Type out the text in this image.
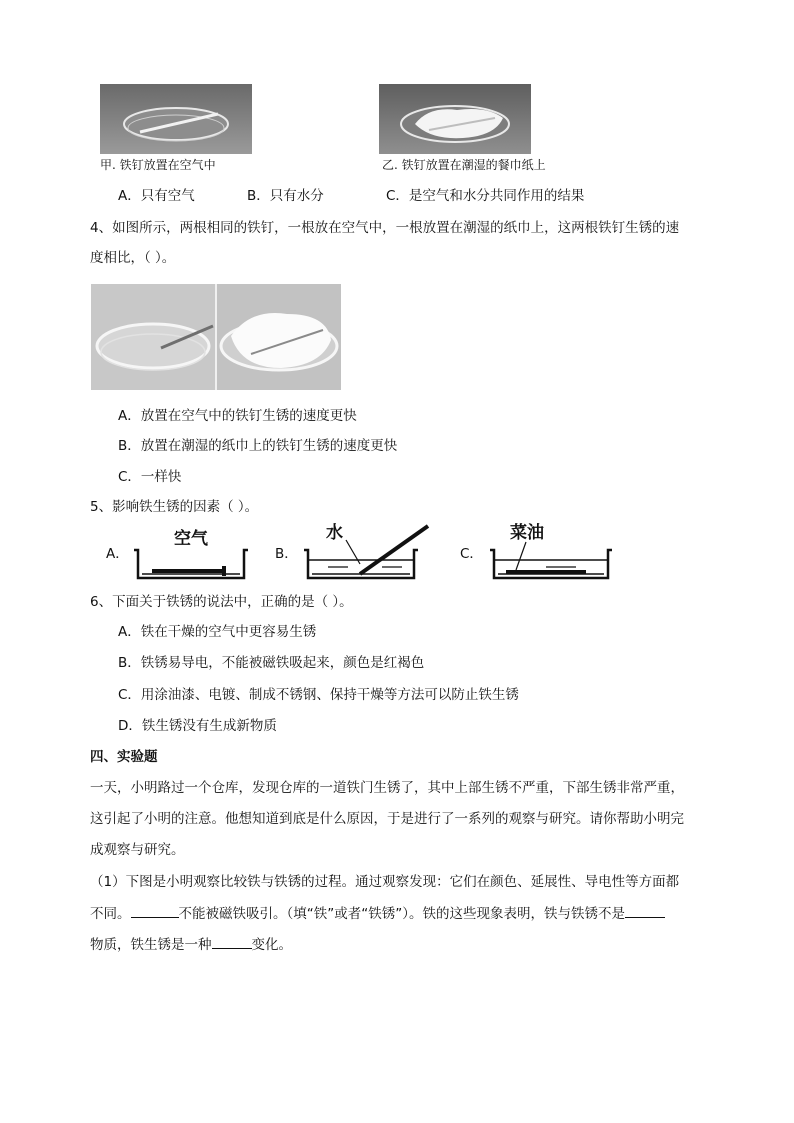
甲. 铁钉放置在空气中	乙. 铁钉放置在潮湿的餐巾纸上
A．只有空气	B．只有水分	C．是空气和水分共同作用的结果
4、如图所示，两根相同的铁钉，一根放在空气中，一根放置在潮湿的纸巾上，这两根铁钉生锈的速
度相比，（ ）。
A．放置在空气中的铁钉生锈的速度更快
B．放置在潮湿的纸巾上的铁钉生锈的速度更快
C．一样快
5、影响铁生锈的因素（ ）。
A．
空气
B．
水
C．
菜油
6、下面关于铁锈的说法中，正确的是（ ）。
A．铁在干燥的空气中更容易生锈
B．铁锈易导电，不能被磁铁吸起来，颜色是红褐色
C．用涂油漆、电镀、制成不锈钢、保持干燥等方法可以防止铁生锈
D．铁生锈没有生成新物质
四、实验题
一天，小明路过一个仓库，发现仓库的一道铁门生锈了，其中上部生锈不严重，下部生锈非常严重，
这引起了小明的注意。他想知道到底是什么原因，于是进行了一系列的观察与研究。请你帮助小明完
成观察与研究。
（1）下图是小明观察比较铁与铁锈的过程。通过观察发现：它们在颜色、延展性、导电性等方面都
不同。	不能被磁铁吸引。（填“铁”或者“铁锈”）。铁的这些现象表明，铁与铁锈不是
物质，铁生锈是一种	变化。
